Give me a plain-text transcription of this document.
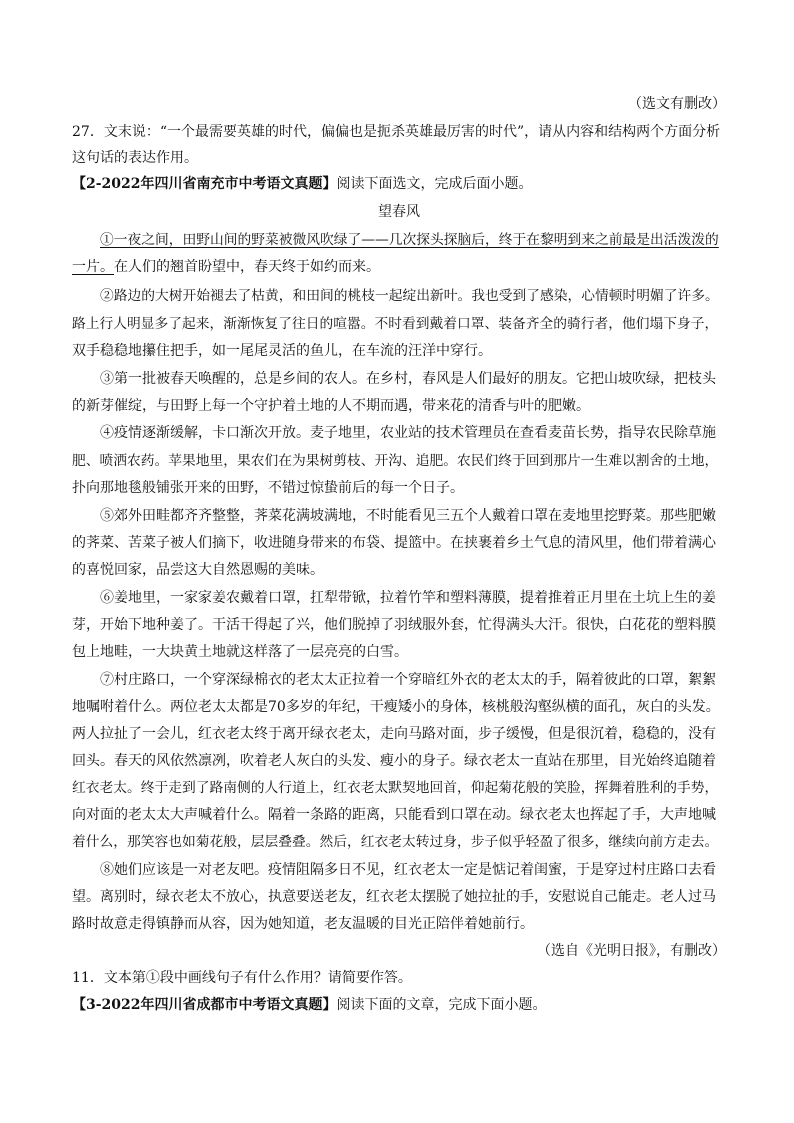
（选文有删改）
27．文末说：“一个最需要英雄的时代，偏偏也是扼杀英雄最厉害的时代”，请从内容和结构两个方面分析
这句话的表达作用。
【2-2022年四川省南充市中考语文真题】阅读下面选文，完成后面小题。
望春风
①一夜之间，田野山间的野菜被微风吹绿了——几次探头探脑后，终于在黎明到来之前最是出活泼泼的
一片。在人们的翘首盼望中，春天终于如约而来。
②路边的大树开始褪去了枯黄，和田间的桃枝一起绽出新叶。我也受到了感染，心情顿时明媚了许多。
路上行人明显多了起来，渐渐恢复了往日的喧嚣。不时看到戴着口罩、装备齐全的骑行者，他们塌下身子，
双手稳稳地攥住把手，如一尾尾灵活的鱼儿，在车流的汪洋中穿行。
③第一批被春天唤醒的，总是乡间的农人。在乡村，春风是人们最好的朋友。它把山坡吹绿，把枝头
的新芽催绽，与田野上每一个守护着土地的人不期而遇，带来花的清香与叶的肥嫩。
④疫情逐渐缓解，卡口渐次开放。麦子地里，农业站的技术管理员在查看麦苗长势，指导农民除草施
肥、喷洒农药。苹果地里，果农们在为果树剪枝、开沟、追肥。农民们终于回到那片一生难以割舍的土地，
扑向那地毯般铺张开来的田野，不错过惊蛰前后的每一个日子。
⑤郊外田畦都齐齐整整，荠菜花满坡满地，不时能看见三五个人戴着口罩在麦地里挖野菜。那些肥嫩
的荠菜、苦菜子被人们摘下，收进随身带来的布袋、提篮中。在挟裹着乡土气息的清风里，他们带着满心
的喜悦回家，品尝这大自然恩赐的美味。
⑥姜地里，一家家姜农戴着口罩，扛犁带锨，拉着竹竿和塑料薄膜，提着推着正月里在土坑上生的姜
芽，开始下地种姜了。干活干得起了兴，他们脱掉了羽绒服外套，忙得满头大汗。很快，白花花的塑料膜
包上地畦，一大块黄土地就这样落了一层亮亮的白雪。
⑦村庄路口，一个穿深绿棉衣的老太太正拉着一个穿暗红外衣的老太太的手，隔着彼此的口罩，絮絮
地嘱咐着什么。两位老太太都是70多岁的年纪，干瘦矮小的身体，核桃般沟壑纵横的面孔，灰白的头发。
两人拉扯了一会儿，红衣老太终于离开绿衣老太，走向马路对面，步子缓慢，但是很沉着，稳稳的，没有
回头。春天的风依然凛冽，吹着老人灰白的头发、瘦小的身子。绿衣老太一直站在那里，目光始终追随着
红衣老太。终于走到了路南侧的人行道上，红衣老太默契地回首，仰起菊花般的笑脸，挥舞着胜利的手势，
向对面的老太太大声喊着什么。隔着一条路的距离，只能看到口罩在动。绿衣老太也挥起了手，大声地喊
着什么，那笑容也如菊花般，层层叠叠。然后，红衣老太转过身，步子似乎轻盈了很多，继续向前方走去。
⑧她们应该是一对老友吧。疫情阻隔多日不见，红衣老太一定是惦记着闺蜜，于是穿过村庄路口去看
望。离别时，绿衣老太不放心，执意要送老友，红衣老太摆脱了她拉扯的手，安慰说自己能走。老人过马
路时故意走得镇静而从容，因为她知道，老友温暖的目光正陪伴着她前行。
（选自《光明日报》，有删改）
11．文本第①段中画线句子有什么作用？请简要作答。
【3-2022年四川省成都市中考语文真题】阅读下面的文章，完成下面小题。
